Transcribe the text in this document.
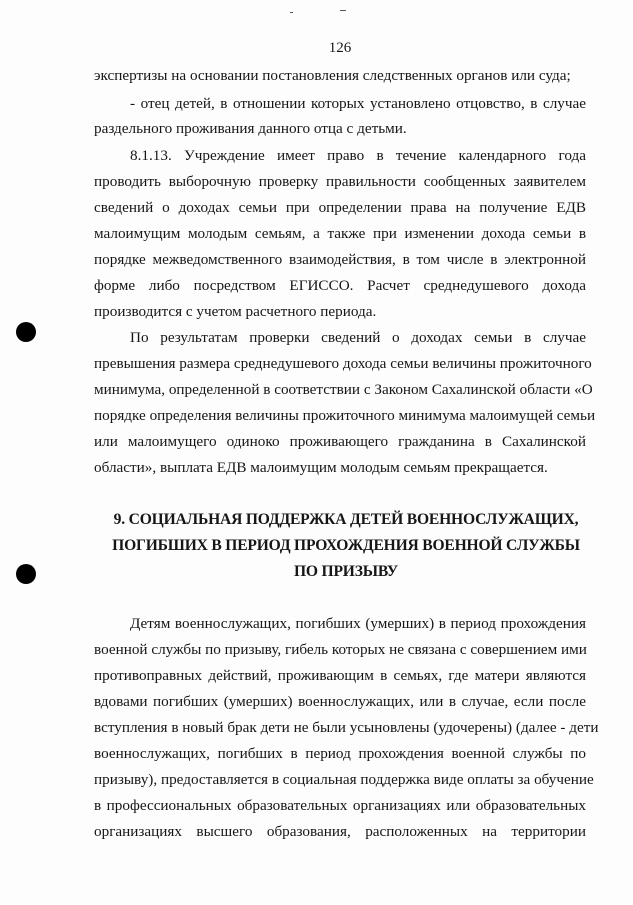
126
экспертизы на основании постановления следственных органов или суда;
- отец детей, в отношении которых установлено отцовство, в случае
раздельного проживания данного отца с детьми.
8.1.13. Учреждение имеет право в течение календарного года
проводить выборочную проверку правильности сообщенных заявителем
сведений о доходах семьи при определении права на получение ЕДВ
малоимущим молодым семьям, а также при изменении дохода семьи в
порядке межведомственного взаимодействия, в том числе в электронной
форме либо посредством ЕГИССО. Расчет среднедушевого дохода
производится с учетом расчетного периода.
По результатам проверки сведений о доходах семьи в случае
превышения размера среднедушевого дохода семьи величины прожиточного
минимума, определенной в соответствии с Законом Сахалинской области «О
порядке определения величины прожиточного минимума малоимущей семьи
или малоимущего одиноко проживающего гражданина в Сахалинской
области», выплата ЕДВ малоимущим молодым семьям прекращается.
9. СОЦИАЛЬНАЯ ПОДДЕРЖКА ДЕТЕЙ ВОЕННОСЛУЖАЩИХ,
ПОГИБШИХ В ПЕРИОД ПРОХОЖДЕНИЯ ВОЕННОЙ СЛУЖБЫ
ПО ПРИЗЫВУ
Детям военнослужащих, погибших (умерших) в период прохождения
военной службы по призыву, гибель которых не связана с совершением ими
противоправных действий, проживающим в семьях, где матери являются
вдовами погибших (умерших) военнослужащих, или в случае, если после
вступления в новый брак дети не были усыновлены (удочерены) (далее - дети
военнослужащих, погибших в период прохождения военной службы по
призыву), предоставляется в социальная поддержка виде оплаты за обучение
в профессиональных образовательных организациях или образовательных
организациях высшего образования, расположенных на территории
